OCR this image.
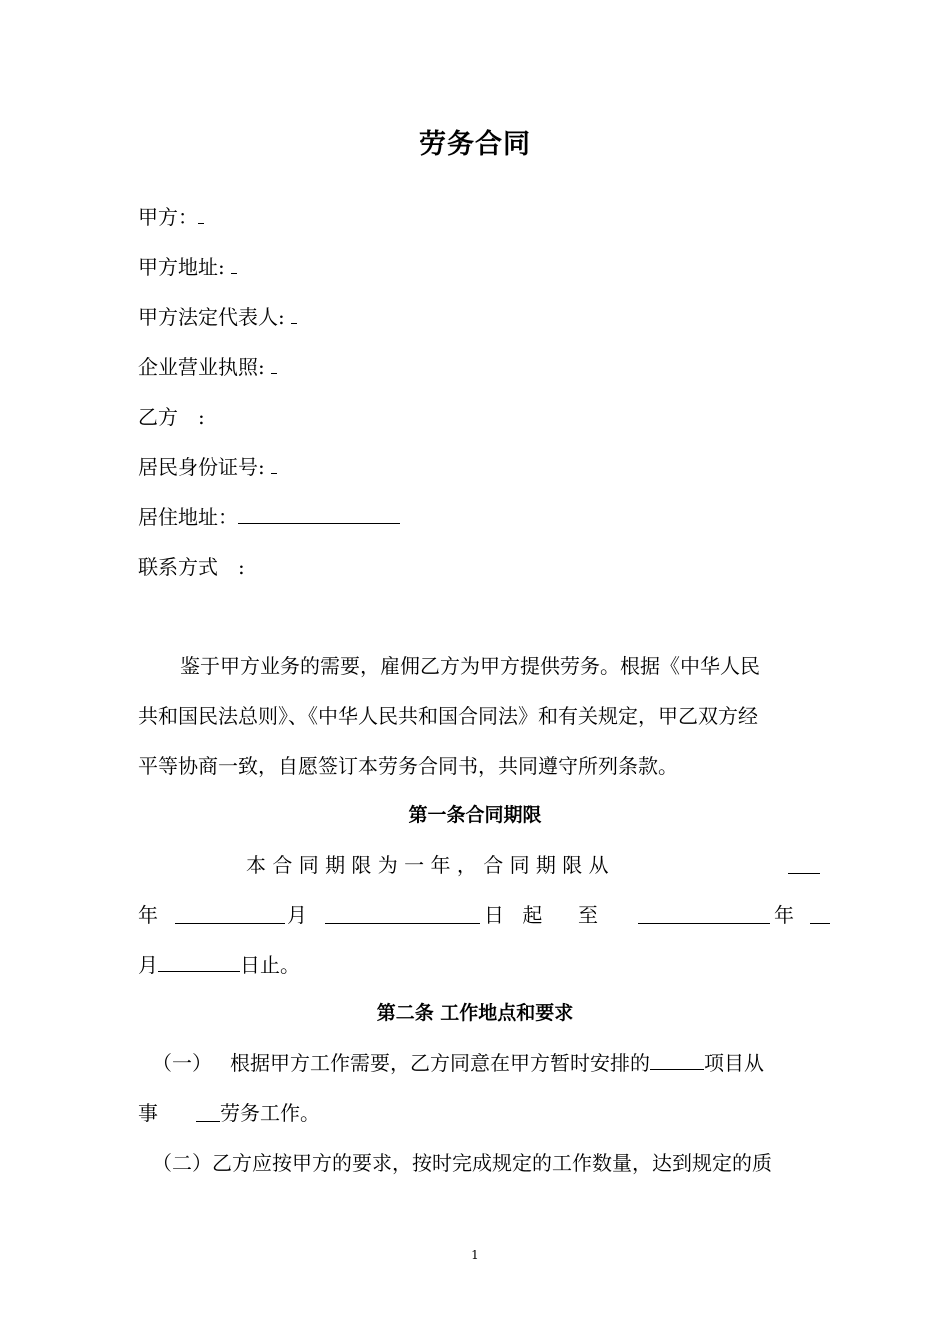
劳务合同
甲方：
甲方地址:
甲方法定代表人:
企业营业执照:
乙方　:
居民身份证号:
居住地址：
联系方式　:
鉴于甲方业务的需要，雇佣乙方为甲方提供劳务。根据《中华人民
共和国民法总则》、《中华人民共和国合同法》和有关规定，甲乙双方经
平等协商一致，自愿签订本劳务合同书，共同遵守所列条款。
第一条合同期限
本 合 同 期 限 为 一 年 ， 合 同 期 限 从
年	月	日 起 至	年
月	日止。
第二条 工作地点和要求
（一） 根据甲方工作需要，乙方同意在甲方暂时安排的	项目从
事	劳务工作。
（二）乙方应按甲方的要求，按时完成规定的工作数量，达到规定的质
1
